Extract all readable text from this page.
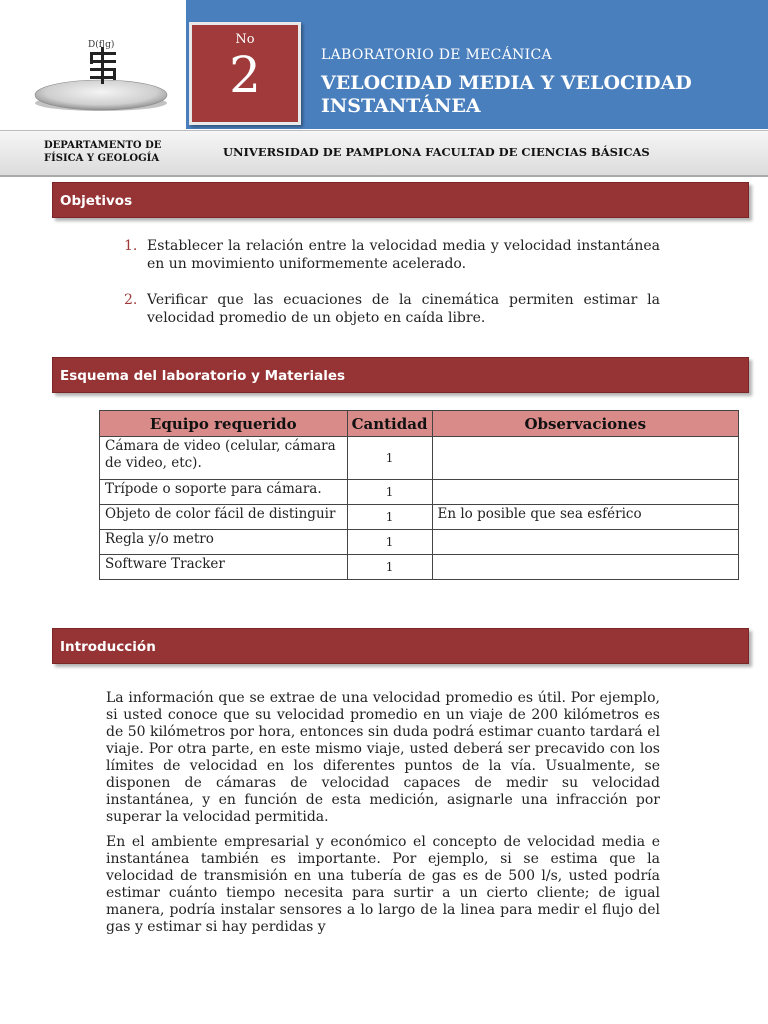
D(f|g)	No
2	LABORATORIO DE MECÁNICA
VELOCIDAD MEDIA Y VELOCIDAD INSTANTÁNEA
DEPARTAMENTO DE
FÍSICA Y GEOLOGÍA	UNIVERSIDAD DE PAMPLONA FACULTAD DE CIENCIAS BÁSICAS
Objetivos
1. Establecer la relación entre la velocidad media y velocidad instantánea en un movimiento uniformemente acelerado.
2. Verificar que las ecuaciones de la cinemática permiten estimar la velocidad promedio de un objeto en caída libre.
Esquema del laboratorio y Materiales
Equipo requerido	Cantidad	Observaciones
Cámara de video (celular, cámara de video, etc).	1	
Trípode o soporte para cámara.	1	
Objeto de color fácil de distinguir	1	En lo posible que sea esférico
Regla y/o metro	1	
Software Tracker	1	
Introducción

La información que se extrae de una velocidad promedio es útil. Por ejemplo, si usted conoce que su velocidad promedio en un viaje de 200 kilómetros es de 50 kilómetros por hora, entonces sin duda podrá estimar cuanto tardará el viaje. Por otra parte, en este mismo viaje, usted deberá ser precavido con los límites de velocidad en los diferentes puntos de la vía. Usualmente, se disponen de cámaras de velocidad capaces de medir su velocidad instantánea, y en función de esta medición, asignarle una infracción por superar la velocidad permitida.

En el ambiente empresarial y económico el concepto de velocidad media e instantánea también es importante. Por ejemplo, si se estima que la velocidad de transmisión en una tubería de gas es de 500 l/s, usted podría estimar cuánto tiempo necesita para surtir a un cierto cliente; de igual manera, podría instalar sensores a lo largo de la linea para medir el flujo del gas y estimar si hay perdidas y
